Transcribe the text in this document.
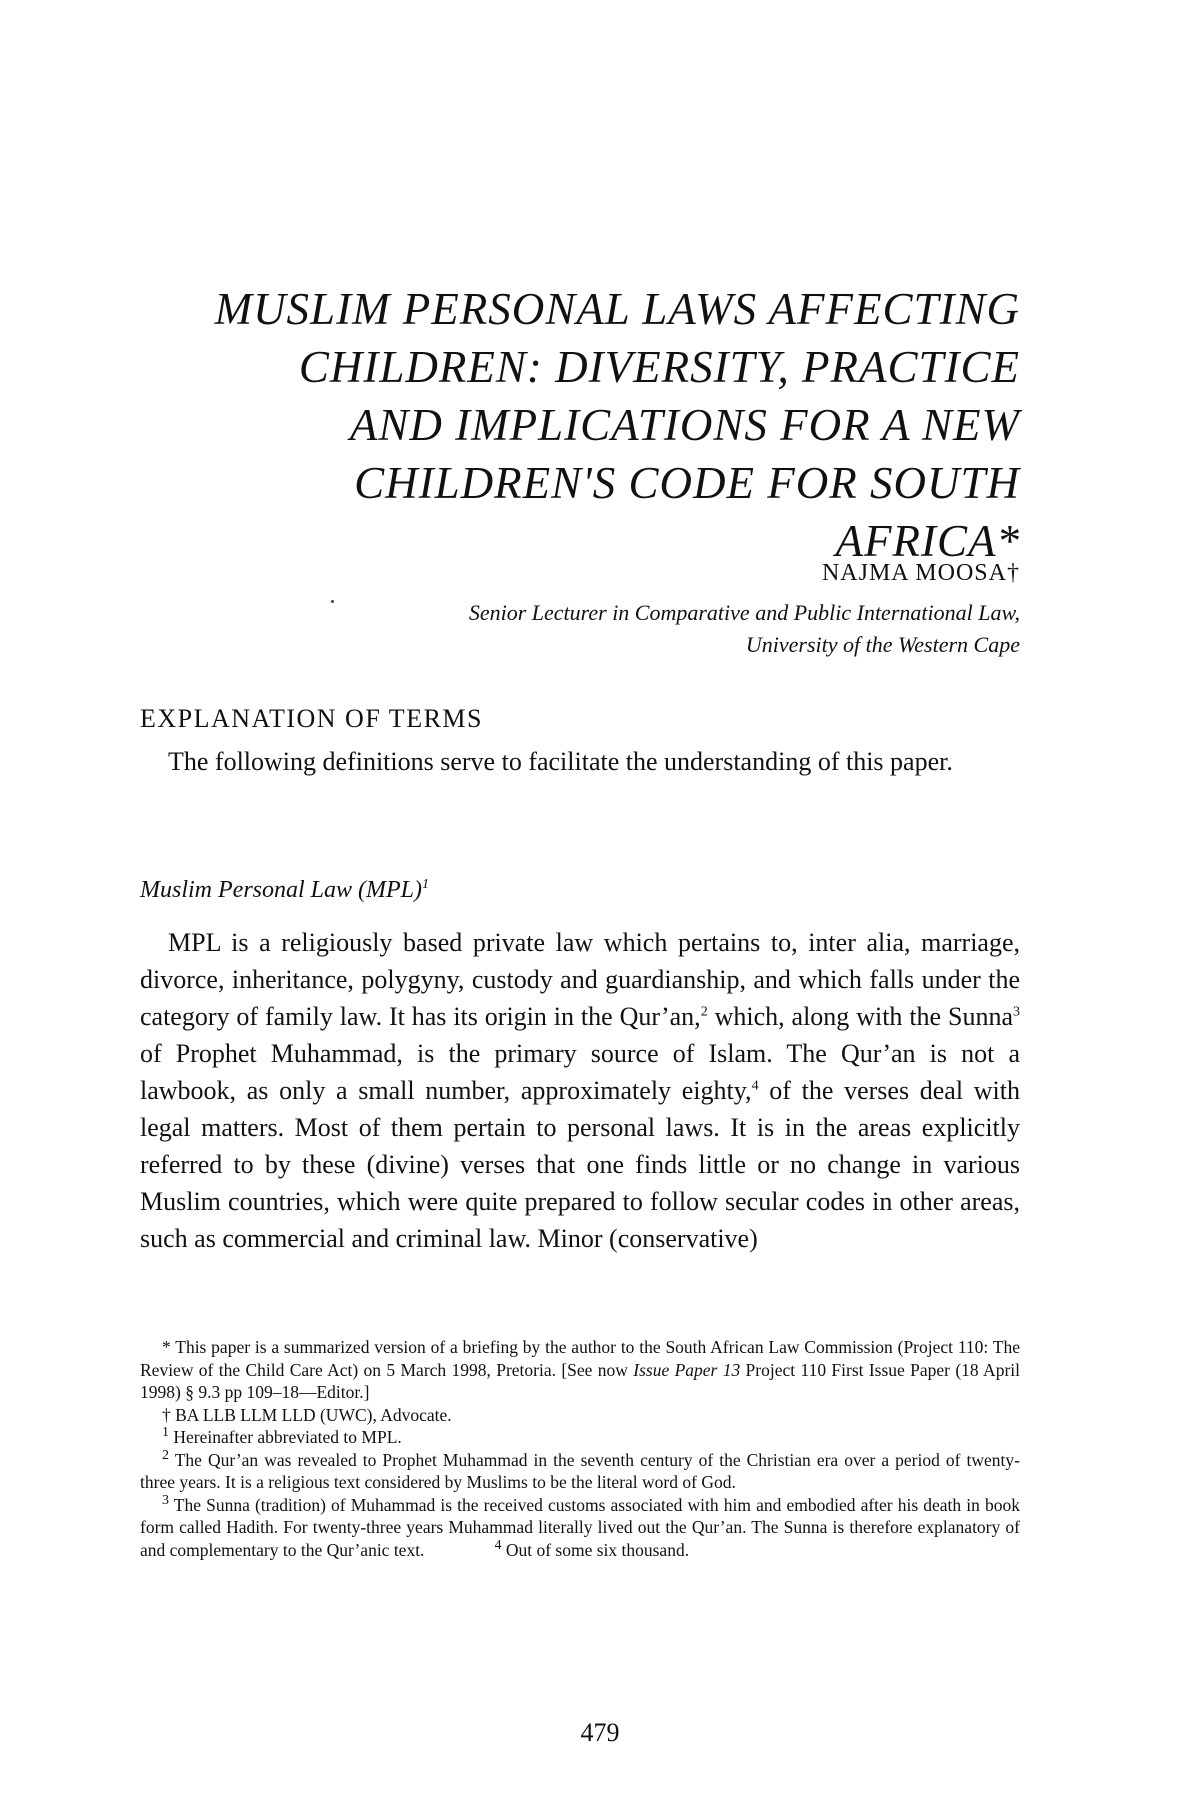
MUSLIM PERSONAL LAWS AFFECTING
CHILDREN: DIVERSITY, PRACTICE
AND IMPLICATIONS FOR A NEW
CHILDREN'S CODE FOR SOUTH
AFRICA*
NAJMA MOOSA†
Senior Lecturer in Comparative and Public International Law,
University of the Western Cape
EXPLANATION OF TERMS

The following definitions serve to facilitate the understanding of this paper.

Muslim Personal Law (MPL)$^1$

MPL is a religiously based private law which pertains to, inter alia, marriage, divorce, inheritance, polygyny, custody and guardianship, and which falls under the category of family law. It has its origin in the Qur’an,$^2$ which, along with the Sunna$^3$ of Prophet Muhammad, is the primary source of Islam. The Qur’an is not a lawbook, as only a small number, approximately eighty,$^4$ of the verses deal with legal matters. Most of them pertain to personal laws. It is in the areas explicitly referred to by these (divine) verses that one finds little or no change in various Muslim countries, which were quite prepared to follow secular codes in other areas, such as commercial and criminal law. Minor (conservative)

* This paper is a summarized version of a briefing by the author to the South African Law Commission (Project 110: The Review of the Child Care Act) on 5 March 1998, Pretoria. [See now Issue Paper 13 Project 110 First Issue Paper (18 April 1998) § 9.3 pp 109–18—Editor.]

† BA LLB LLM LLD (UWC), Advocate.

$^1$ Hereinafter abbreviated to MPL.

$^2$ The Qur’an was revealed to Prophet Muhammad in the seventh century of the Christian era over a period of twenty-three years. It is a religious text considered by Muslims to be the literal word of God.

$^3$ The Sunna (tradition) of Muhammad is the received customs associated with him and embodied after his death in book form called Hadith. For twenty-three years Muhammad literally lived out the Qur’an. The Sunna is therefore explanatory of and complementary to the Qur’anic text.	$^4$ Out of some six thousand.

479
